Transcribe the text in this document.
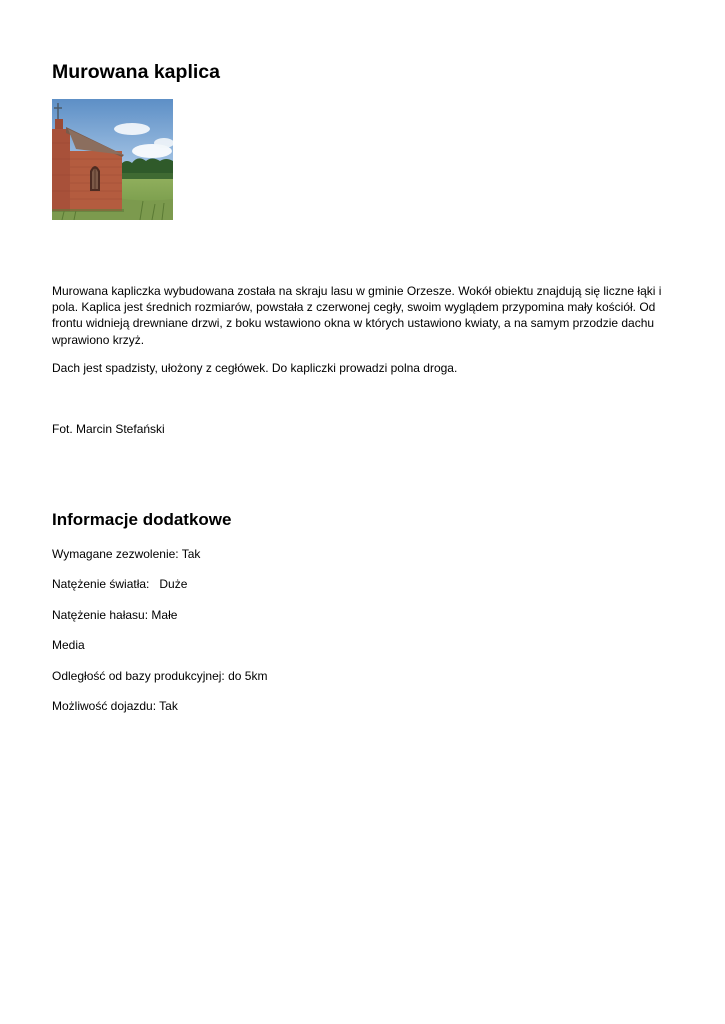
Murowana kaplica

Murowana kapliczka wybudowana została na skraju lasu w gminie Orzesze. Wokół obiektu znajdują się liczne łąki i pola. Kaplica jest średnich rozmiarów, powstała z czerwonej cegły, swoim wyglądem przypomina mały kościół. Od frontu widnieją drewniane drzwi, z boku wstawiono okna w których ustawiono kwiaty, a na samym przodzie dachu wprawiono krzyż.

Dach jest spadzisty, ułożony z cegłówek. Do kapliczki prowadzi polna droga.

Fot. Marcin Stefański

Informacje dodatkowe

Wymagane zezwolenie: Tak

Natężenie światła:   Duże

Natężenie hałasu: Małe

Media

Odległość od bazy produkcyjnej: do 5km

Możliwość dojazdu: Tak
